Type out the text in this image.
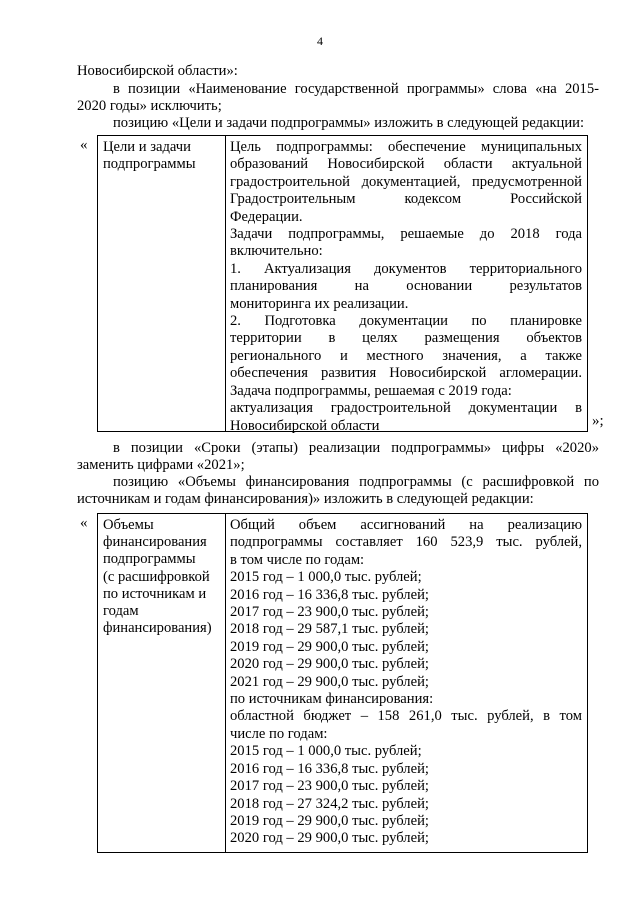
4
Новосибирской области»:
в позиции «Наименование государственной программы» слова «на 2015-
2020 годы» исключить;
позицию «Цели и задачи подпрограммы» изложить в следующей редакции:
« Цели и задачи
подпрограммы
Цель подпрограммы: обеспечение муниципальных
образований Новосибирской области актуальной
градостроительной документацией, предусмотренной
Градостроительным кодексом Российской
Федерации.
Задачи подпрограммы, решаемые до 2018 года
включительно:
1. Актуализация документов территориального
планирования на основании результатов
мониторинга их реализации.
2. Подготовка документации по планировке
территории в целях размещения объектов
регионального и местного значения, а также
обеспечения развития Новосибирской агломерации.
Задача подпрограммы, решаемая с 2019 года:
актуализация градостроительной документации в
Новосибирской области	»;
в позиции «Сроки (этапы) реализации подпрограммы» цифры «2020»
заменить цифрами «2021»;
позицию «Объемы финансирования подпрограммы (с расшифровкой по
источникам и годам финансирования)» изложить в следующей редакции:
« Объемы
финансирования
подпрограммы
(с расшифровкой
по источникам и
годам
финансирования)
Общий объем ассигнований на реализацию
подпрограммы составляет 160 523,9 тыс. рублей,
в том числе по годам:
2015 год – 1 000,0 тыс. рублей;
2016 год – 16 336,8 тыс. рублей;
2017 год – 23 900,0 тыс. рублей;
2018 год – 29 587,1 тыс. рублей;
2019 год – 29 900,0 тыс. рублей;
2020 год – 29 900,0 тыс. рублей;
2021 год – 29 900,0 тыс. рублей;
по источникам финансирования:
областной бюджет – 158 261,0 тыс. рублей, в том
числе по годам:
2015 год – 1 000,0 тыс. рублей;
2016 год – 16 336,8 тыс. рублей;
2017 год – 23 900,0 тыс. рублей;
2018 год – 27 324,2 тыс. рублей;
2019 год – 29 900,0 тыс. рублей;
2020 год – 29 900,0 тыс. рублей;
